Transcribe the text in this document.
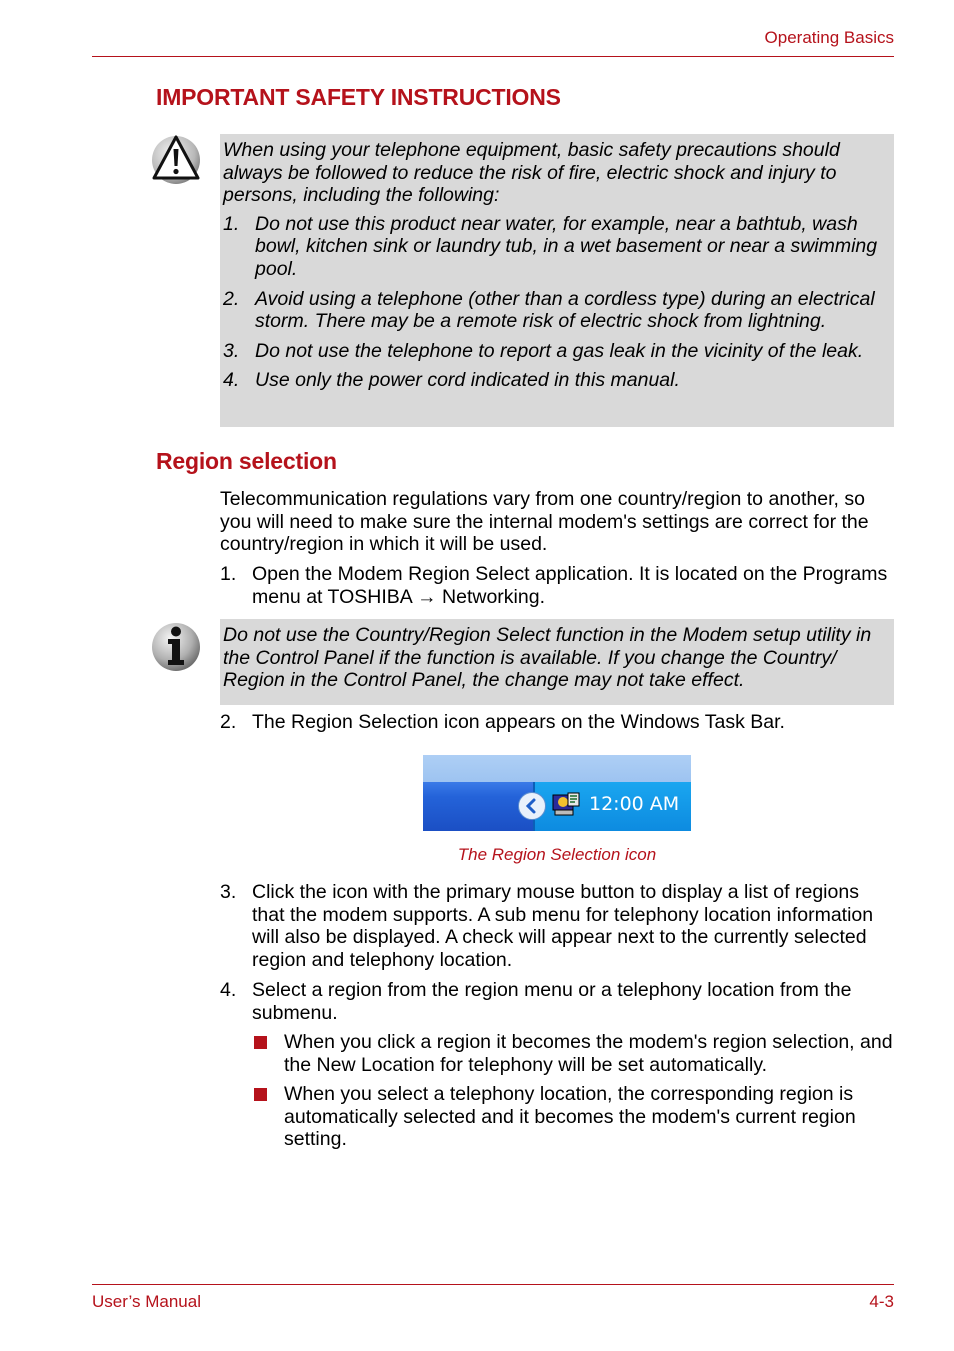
Operating Basics
IMPORTANT SAFETY INSTRUCTIONS

When using your telephone equipment, basic safety precautions should always be followed to reduce the risk of fire, electric shock and injury to persons, including the following:

1. Do not use this product near water, for example, near a bathtub, wash bowl, kitchen sink or laundry tub, in a wet basement or near a swimming pool.
2. Avoid using a telephone (other than a cordless type) during an electrical storm. There may be a remote risk of electric shock from lightning.
3. Do not use the telephone to report a gas leak in the vicinity of the leak.
4. Use only the power cord indicated in this manual.
Region selection
Telecommunication regulations vary from one country/region to another, so you will need to make sure the internal modem's settings are correct for the country/region in which it will be used.
1. Open the Modem Region Select application. It is located on the Programs menu at TOSHIBA → Networking.

Do not use the Country/Region Select function in the Modem setup utility in the Control Panel if the function is available. If you change the Country/ Region in the Control Panel, the change may not take effect.

2. The Region Selection icon appears on the Windows Task Bar.
12:00 AM
The Region Selection icon
3. Click the icon with the primary mouse button to display a list of regions that the modem supports. A sub menu for telephony location information will also be displayed. A check will appear next to the currently selected region and telephony location.
4. Select a region from the region menu or a telephony location from the submenu.
When you click a region it becomes the modem's region selection, and the New Location for telephony will be set automatically.
When you select a telephony location, the corresponding region is automatically selected and it becomes the modem's current region setting.
User’s Manual	4-3
